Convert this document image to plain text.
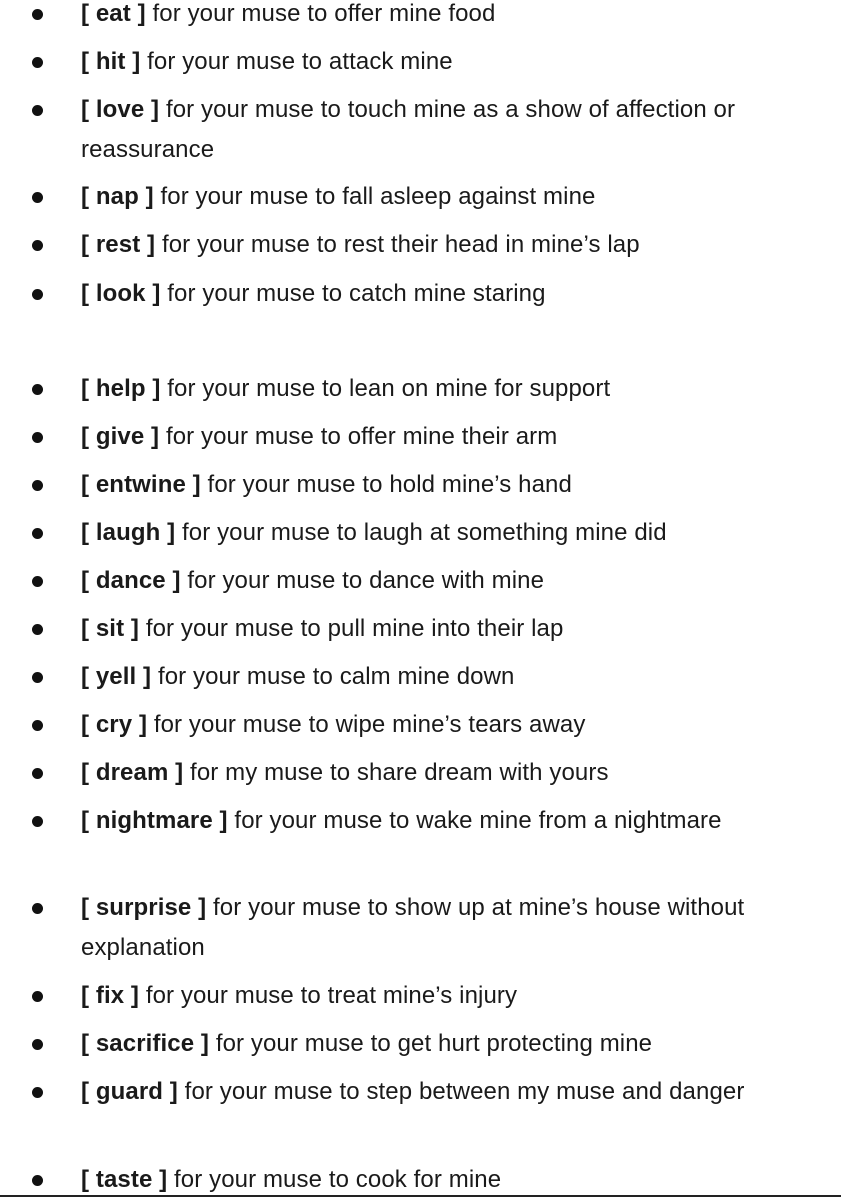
[ eat ] for your muse to offer mine food

[ hit ] for your muse to attack mine

[ love ] for your muse to touch mine as a show of affection or reassurance

[ nap ] for your muse to fall asleep against mine

[ rest ] for your muse to rest their head in mine’s lap

[ look ] for your muse to catch mine staring

[ help ] for your muse to lean on mine for support

[ give ] for your muse to offer mine their arm

[ entwine ] for your muse to hold mine’s hand

[ laugh ] for your muse to laugh at something mine did

[ dance ] for your muse to dance with mine

[ sit ] for your muse to pull mine into their lap

[ yell ] for your muse to calm mine down

[ cry ] for your muse to wipe mine’s tears away

[ dream ] for my muse to share dream with yours

[ nightmare ] for your muse to wake mine from a nightmare

[ surprise ] for your muse to show up at mine’s house without explanation

[ fix ] for your muse to treat mine’s injury

[ sacrifice ] for your muse to get hurt protecting mine

[ guard ] for your muse to step between my muse and danger

[ taste ] for your muse to cook for mine
